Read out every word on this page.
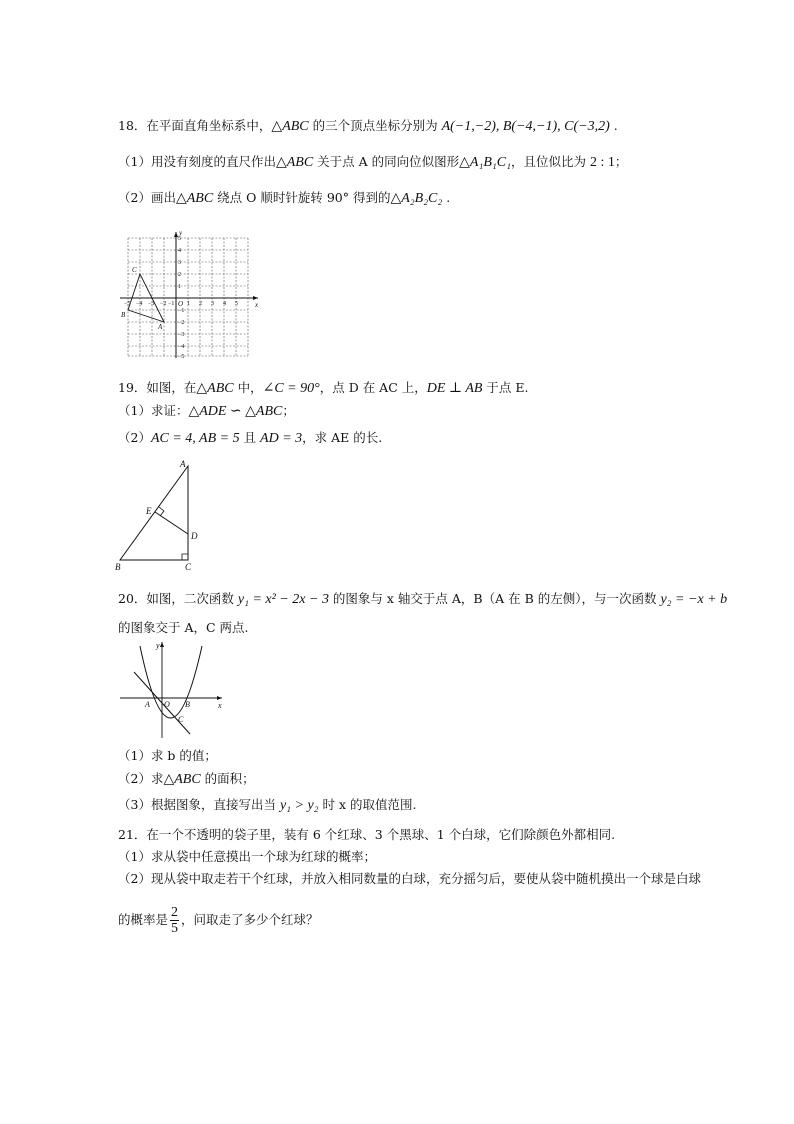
18．在平面直角坐标系中，△ABC 的三个顶点坐标分别为 A(−1,−2), B(−4,−1), C(−3,2) .
（1）用没有刻度的直尺作出△ABC 关于点 A 的同向位似图形△A₁B₁C₁，且位似比为 2 : 1；
（2）画出△ABC 绕点 O 顺时针旋转 90° 得到的△A₂B₂C₂ .
x
y
O
A
B
C
−5 −4 −3 −2 −1 1 2 3 4 5
1
2
3
4
5
−1
−2
−3
−4
−5
19．如图，在△ABC 中，∠C = 90°，点 D 在 AC 上，DE ⊥ AB 于点 E.
（1）求证：△ADE ∽ △ABC；
（2）AC = 4, AB = 5 且 AD = 3，求 AE 的长.
A
E
D
B	C
20．如图，二次函数 y₁ = x² − 2x − 3 的图象与 x 轴交于点 A，B（A 在 B 的左侧），与一次函数 y₂ = −x + b
的图象交于 A，C 两点.
x
y
A O B
C
（1）求 b 的值；
（2）求△ABC 的面积；
（3）根据图象，直接写出当 y₁ > y₂ 时 x 的取值范围.
21．在一个不透明的袋子里，装有 6 个红球、3 个黑球、1 个白球，它们除颜色外都相同.
（1）求从袋中任意摸出一个球为红球的概率；
（2）现从袋中取走若干个红球，并放入相同数量的白球，充分摇匀后，要使从袋中随机摸出一个球是白球
的概率是 $\frac{2}{5}$ ，问取走了多少个红球？
